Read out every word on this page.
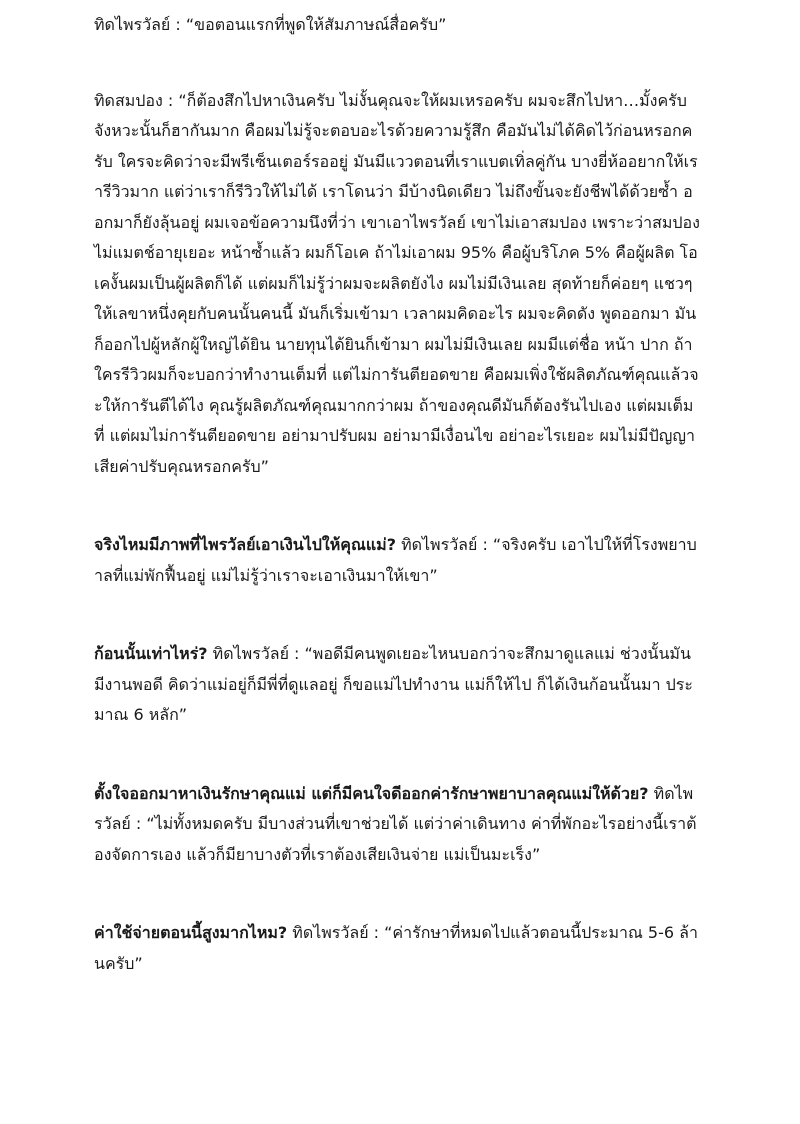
ทิดไพรวัลย์ : “ขอตอนแรกที่พูดให้สัมภาษณ์สื่อครับ”

ทิดสมปอง : “ก็ต้องสึกไปหาเงินครับ ไม่งั้นคุณจะให้ผมเหรอครับ ผมจะสึกไปหา…มั้งครับ จังหวะนั้นก็ฮากันมาก คือผมไม่รู้จะตอบอะไรด้วยความรู้สึก คือมันไม่ได้คิดไว้ก่อนหรอกครับ ใครจะคิดว่าจะมีพรีเซ็นเตอร์รออยู่ มันมีแววตอนที่เราแบตเทิ่ลคู่กัน บางยี่ห้ออยากให้เรารีวิวมาก แต่ว่าเราก็รีวิวให้ไม่ได้ เราโดนว่า มีบ้างนิดเดียว ไม่ถึงขั้นจะยังชีพได้ด้วยซ้ำ ออกมาก็ยังลุ้นอยู่ ผมเจอข้อความนึงที่ว่า เขาเอาไพรวัลย์ เขาไม่เอาสมปอง เพราะว่าสมปองไม่แมตช์อายุเยอะ หน้าซ้ำแล้ว ผมก็โอเค ถ้าไม่เอาผม 95% คือผู้บริโภค 5% คือผู้ผลิต โอเคงั้นผมเป็นผู้ผลิตก็ได้ แต่ผมก็ไม่รู้ว่าผมจะผลิตยังไง ผมไม่มีเงินเลย สุดท้ายก็ค่อยๆ แชวๆ ให้เลขาหนึ่งคุยกับคนนั้นคนนี้ มันก็เริ่มเข้ามา เวลาผมคิดอะไร ผมจะคิดดัง พูดออกมา มันก็ออกไปผู้หลักผู้ใหญ่ได้ยิน นายทุนได้ยินก็เข้ามา ผมไม่มีเงินเลย ผมมีแต่ชื่อ หน้า ปาก ถ้าใครรีวิวผมก็จะบอกว่าทำงานเต็มที่ แต่ไม่การันตียอดขาย คือผมเพิ่งใช้ผลิตภัณฑ์คุณแล้วจะให้การันตีได้ไง คุณรู้ผลิตภัณฑ์คุณมากกว่าผม ถ้าของคุณดีมันก็ต้องรันไปเอง แต่ผมเต็มที่ แต่ผมไม่การันตียอดขาย อย่ามาปรับผม อย่ามามีเงื่อนไข อย่าอะไรเยอะ ผมไม่มีปัญญาเสียค่าปรับคุณหรอกครับ”

จริงไหมมีภาพที่ไพรวัลย์เอาเงินไปให้คุณแม่? ทิดไพรวัลย์ : “จริงครับ เอาไปให้ที่โรงพยาบาลที่แม่พักฟื้นอยู่ แม่ไม่รู้ว่าเราจะเอาเงินมาให้เขา”

ก้อนนั้นเท่าไหร่? ทิดไพรวัลย์ : “พอดีมีคนพูดเยอะไหนบอกว่าจะสึกมาดูแลแม่ ช่วงนั้นมันมีงานพอดี คิดว่าแม่อยู่ก็มีพี่ที่ดูแลอยู่ ก็ขอแม่ไปทำงาน แม่ก็ให้ไป ก็ได้เงินก้อนนั้นมา ประมาณ 6 หลัก”

ตั้งใจออกมาหาเงินรักษาคุณแม่ แต่ก็มีคนใจดีออกค่ารักษาพยาบาลคุณแม่ให้ด้วย? ทิดไพรวัลย์ : “ไม่ทั้งหมดครับ มีบางส่วนที่เขาช่วยได้ แต่ว่าค่าเดินทาง ค่าที่พักอะไรอย่างนี้เราต้องจัดการเอง แล้วก็มียาบางตัวที่เราต้องเสียเงินจ่าย แม่เป็นมะเร็ง”

ค่าใช้จ่ายตอนนี้สูงมากไหม? ทิดไพรวัลย์ : “ค่ารักษาที่หมดไปแล้วตอนนี้ประมาณ 5-6 ล้านครับ”
